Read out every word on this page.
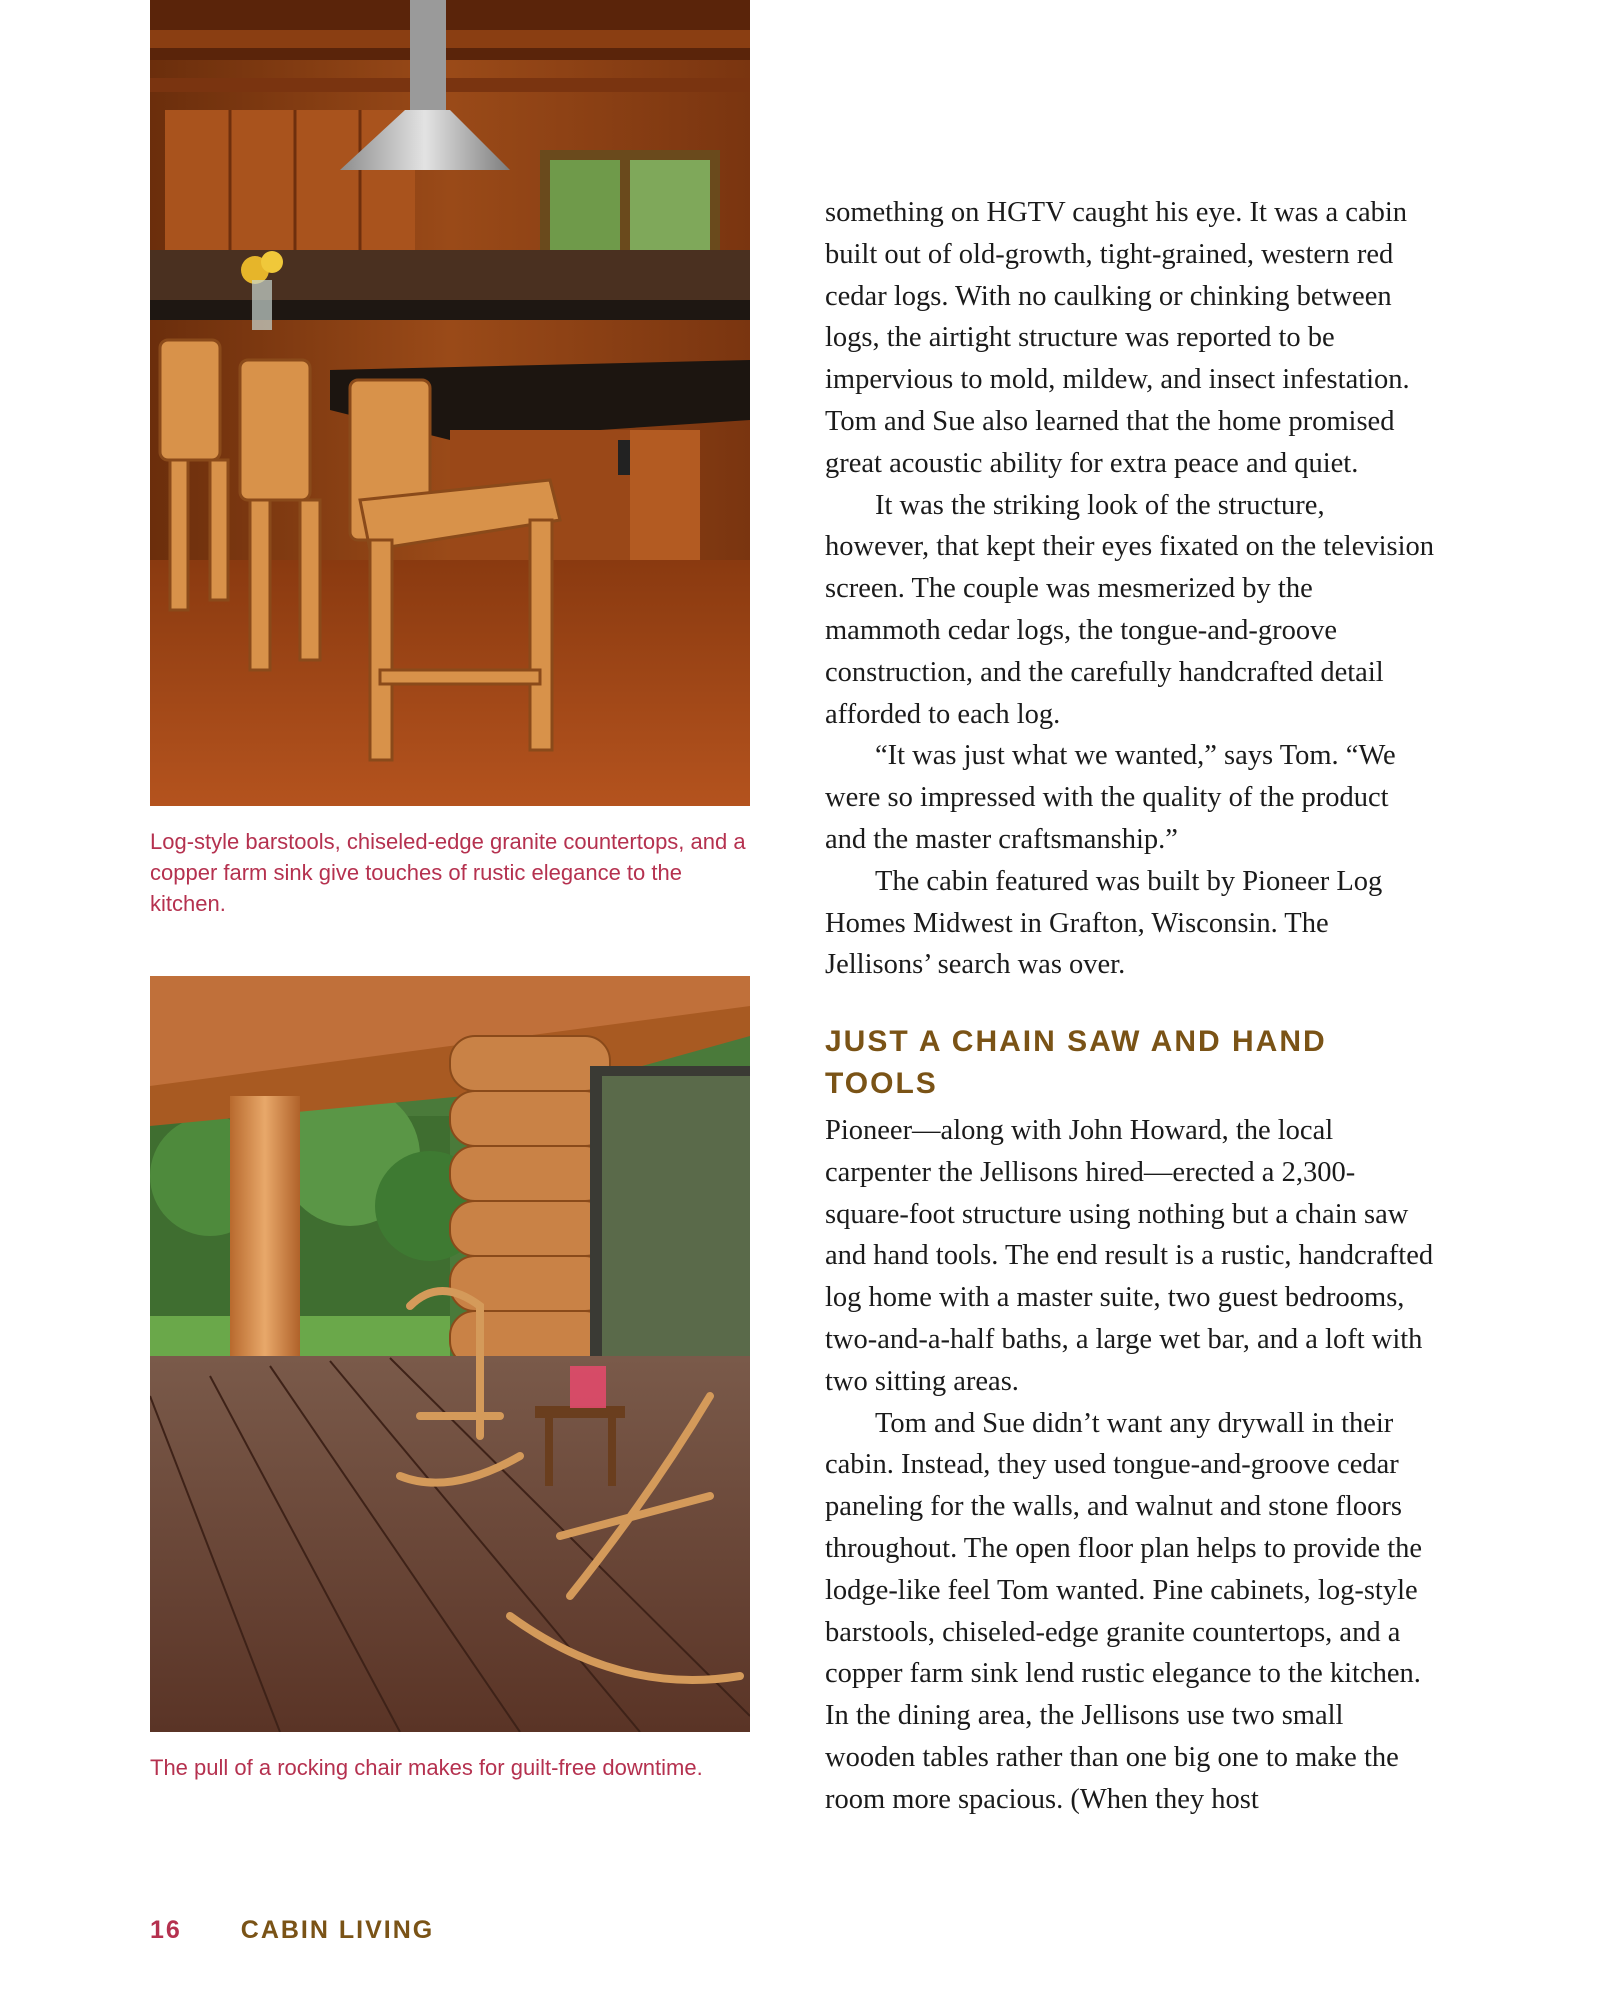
Log-style barstools, chiseled-edge granite countertops, and a copper farm sink give touches of rustic elegance to the kitchen.

The pull of a rocking chair makes for guilt-free downtime.

something on HGTV caught his eye. It was a cabin built out of old-growth, tight-grained, western red cedar logs. With no caulking or chinking between logs, the airtight structure was reported to be impervious to mold, mildew, and insect infestation. Tom and Sue also learned that the home promised great acoustic ability for extra peace and quiet.

It was the striking look of the structure, however, that kept their eyes fixated on the television screen. The couple was mesmerized by the mammoth cedar logs, the tongue-and-groove construction, and the carefully handcrafted detail afforded to each log.

“It was just what we wanted,” says Tom. “We were so impressed with the quality of the product and the master craftsmanship.”

The cabin featured was built by Pioneer Log Homes Midwest in Grafton, Wisconsin. The Jellisons’ search was over.

JUST A CHAIN SAW AND HAND TOOLS

Pioneer—along with John Howard, the local carpenter the Jellisons hired—erected a 2,300-square-foot structure using nothing but a chain saw and hand tools. The end result is a rustic, handcrafted log home with a master suite, two guest bedrooms, two-and-a-half baths, a large wet bar, and a loft with two sitting areas.

Tom and Sue didn’t want any drywall in their cabin. Instead, they used tongue-and-groove cedar paneling for the walls, and walnut and stone floors throughout. The open floor plan helps to provide the lodge-like feel Tom wanted. Pine cabinets, log-style barstools, chiseled-edge granite countertops, and a copper farm sink lend rustic elegance to the kitchen. In the dining area, the Jellisons use two small wooden tables rather than one big one to make the room more spacious. (When they host

16 CABIN LIVING
